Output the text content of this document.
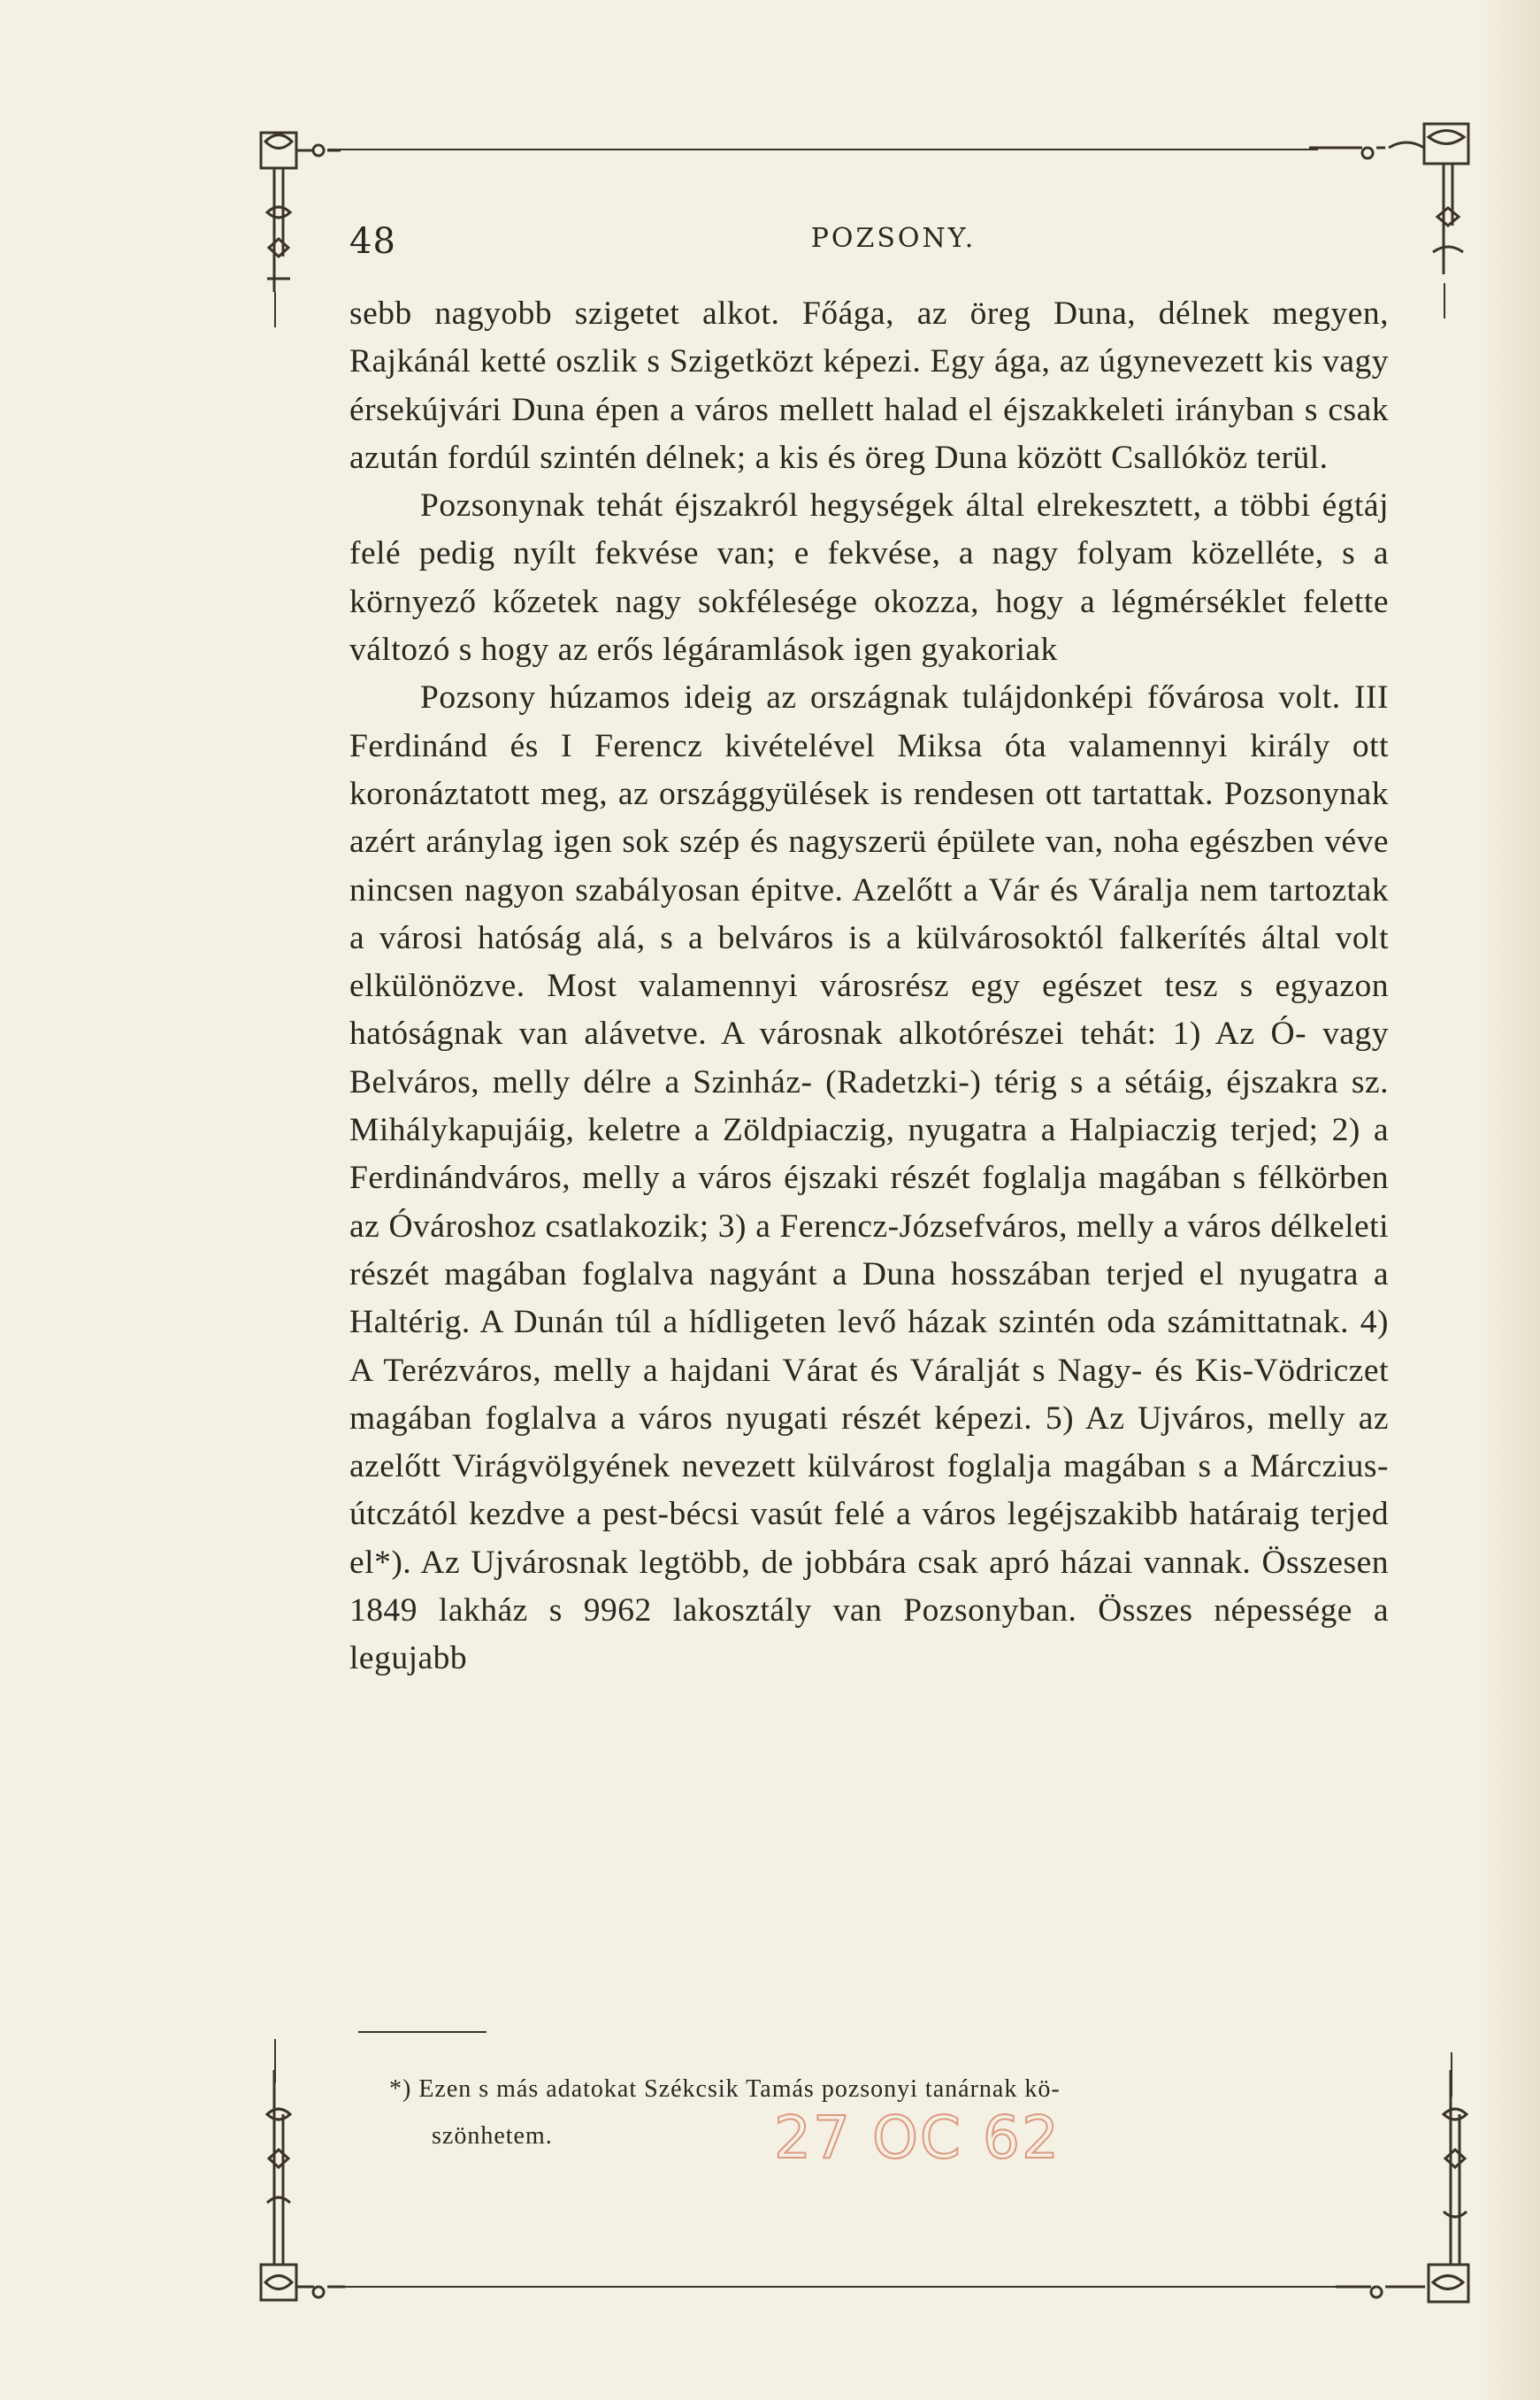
48	POZSONY.

sebb nagyobb szigetet alkot. Főága, az öreg Duna, délnek megyen, Rajkánál ketté oszlik s Szigetközt képezi. Egy ága, az úgynevezett kis vagy érsekújvári Duna épen a város mellett halad el éjszakkeleti irányban s csak azután fordúl szintén délnek; a kis és öreg Duna között Csallóköz terül.

Pozsonynak tehát éjszakról hegységek által elrekesztett, a többi égtáj felé pedig nyílt fekvése van; e fekvése, a nagy folyam közelléte, s a környező kőzetek nagy sokfélesége okozza, hogy a légmérséklet felette változó s hogy az erős légáramlások igen gyakoriak

Pozsony húzamos ideig az országnak tulájdonképi fővárosa volt. III Ferdinánd és I Ferencz kivételével Miksa óta valamennyi király ott koronáztatott meg, az országgyülések is rendesen ott tartattak. Pozsonynak azért aránylag igen sok szép és nagyszerü épülete van, noha egészben véve nincsen nagyon szabályosan épitve. Azelőtt a Vár és Váralja nem tartoztak a városi hatóság alá, s a belváros is a külvárosoktól falkerítés által volt elkülönözve. Most valamennyi városrész egy egészet tesz s egyazon hatóságnak van alávetve. A városnak alkotórészei tehát: 1) Az Ó- vagy Belváros, melly délre a Szinház- (Radetzki-) térig s a sétáig, éjszakra sz. Mihálykapujáig, keletre a Zöldpiaczig, nyugatra a Halpiaczig terjed; 2) a Ferdinándváros, melly a város éjszaki részét foglalja magában s félkörben az Óvároshoz csatlakozik; 3) a Ferencz-Józsefváros, melly a város délkeleti részét magában foglalva nagyánt a Duna hosszában terjed el nyugatra a Haltérig. A Dunán túl a hídligeten levő házak szintén oda számittatnak. 4) A Terézváros, melly a hajdani Várat és Váralját s Nagy- és Kis-Vödriczet magában foglalva a város nyugati részét képezi. 5) Az Ujváros, melly az azelőtt Virágvölgyének nevezett külvárost foglalja magában s a Márczius-útczától kezdve a pest-bécsi vasút felé a város legéjszakibb határaig terjed el*). Az Ujvárosnak legtöbb, de jobbára csak apró házai vannak. Összesen 1849 lakház s 9962 lakosztály van Pozsonyban. Összes népessége a legujabb

*) Ezen s más adatokat Székcsik Tamás pozsonyi tanárnak kö-
szönhetem.	27 OC 62
